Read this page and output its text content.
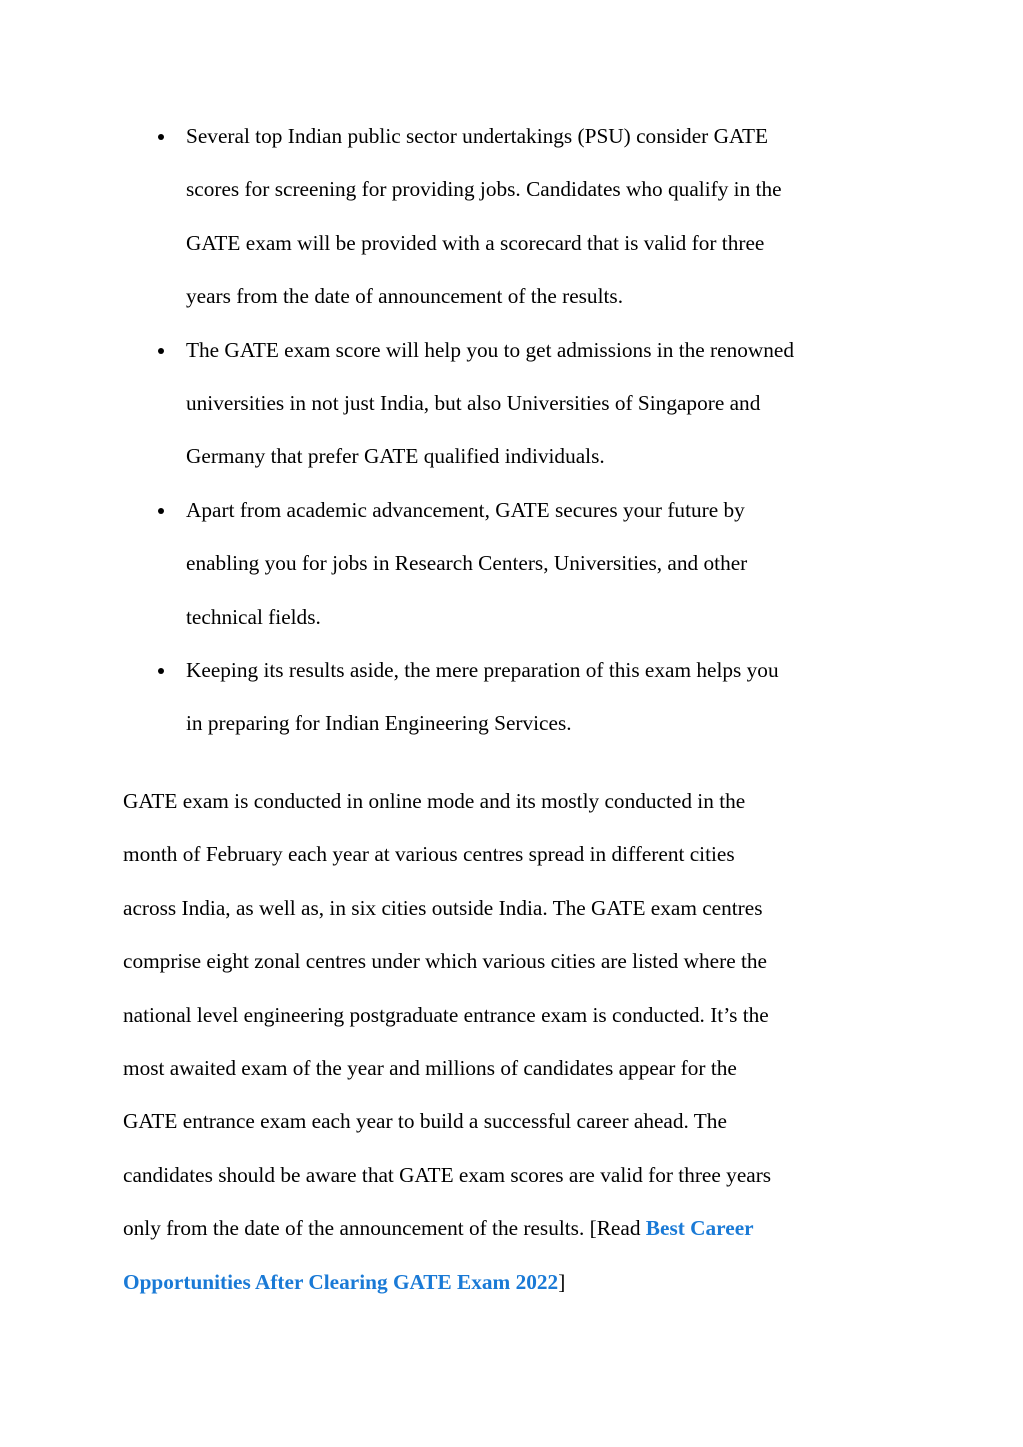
Several top Indian public sector undertakings (PSU) consider GATE
scores for screening for providing jobs. Candidates who qualify in the
GATE exam will be provided with a scorecard that is valid for three
years from the date of announcement of the results.
The GATE exam score will help you to get admissions in the renowned
universities in not just India, but also Universities of Singapore and
Germany that prefer GATE qualified individuals.
Apart from academic advancement, GATE secures your future by
enabling you for jobs in Research Centers, Universities, and other
technical fields.
Keeping its results aside, the mere preparation of this exam helps you
in preparing for Indian Engineering Services.

GATE exam is conducted in online mode and its mostly conducted in the
month of February each year at various centres spread in different cities
across India, as well as, in six cities outside India. The GATE exam centres
comprise eight zonal centres under which various cities are listed where the
national level engineering postgraduate entrance exam is conducted. It’s the
most awaited exam of the year and millions of candidates appear for the
GATE entrance exam each year to build a successful career ahead. The
candidates should be aware that GATE exam scores are valid for three years
only from the date of the announcement of the results. [Read Best Career
Opportunities After Clearing GATE Exam 2022]
